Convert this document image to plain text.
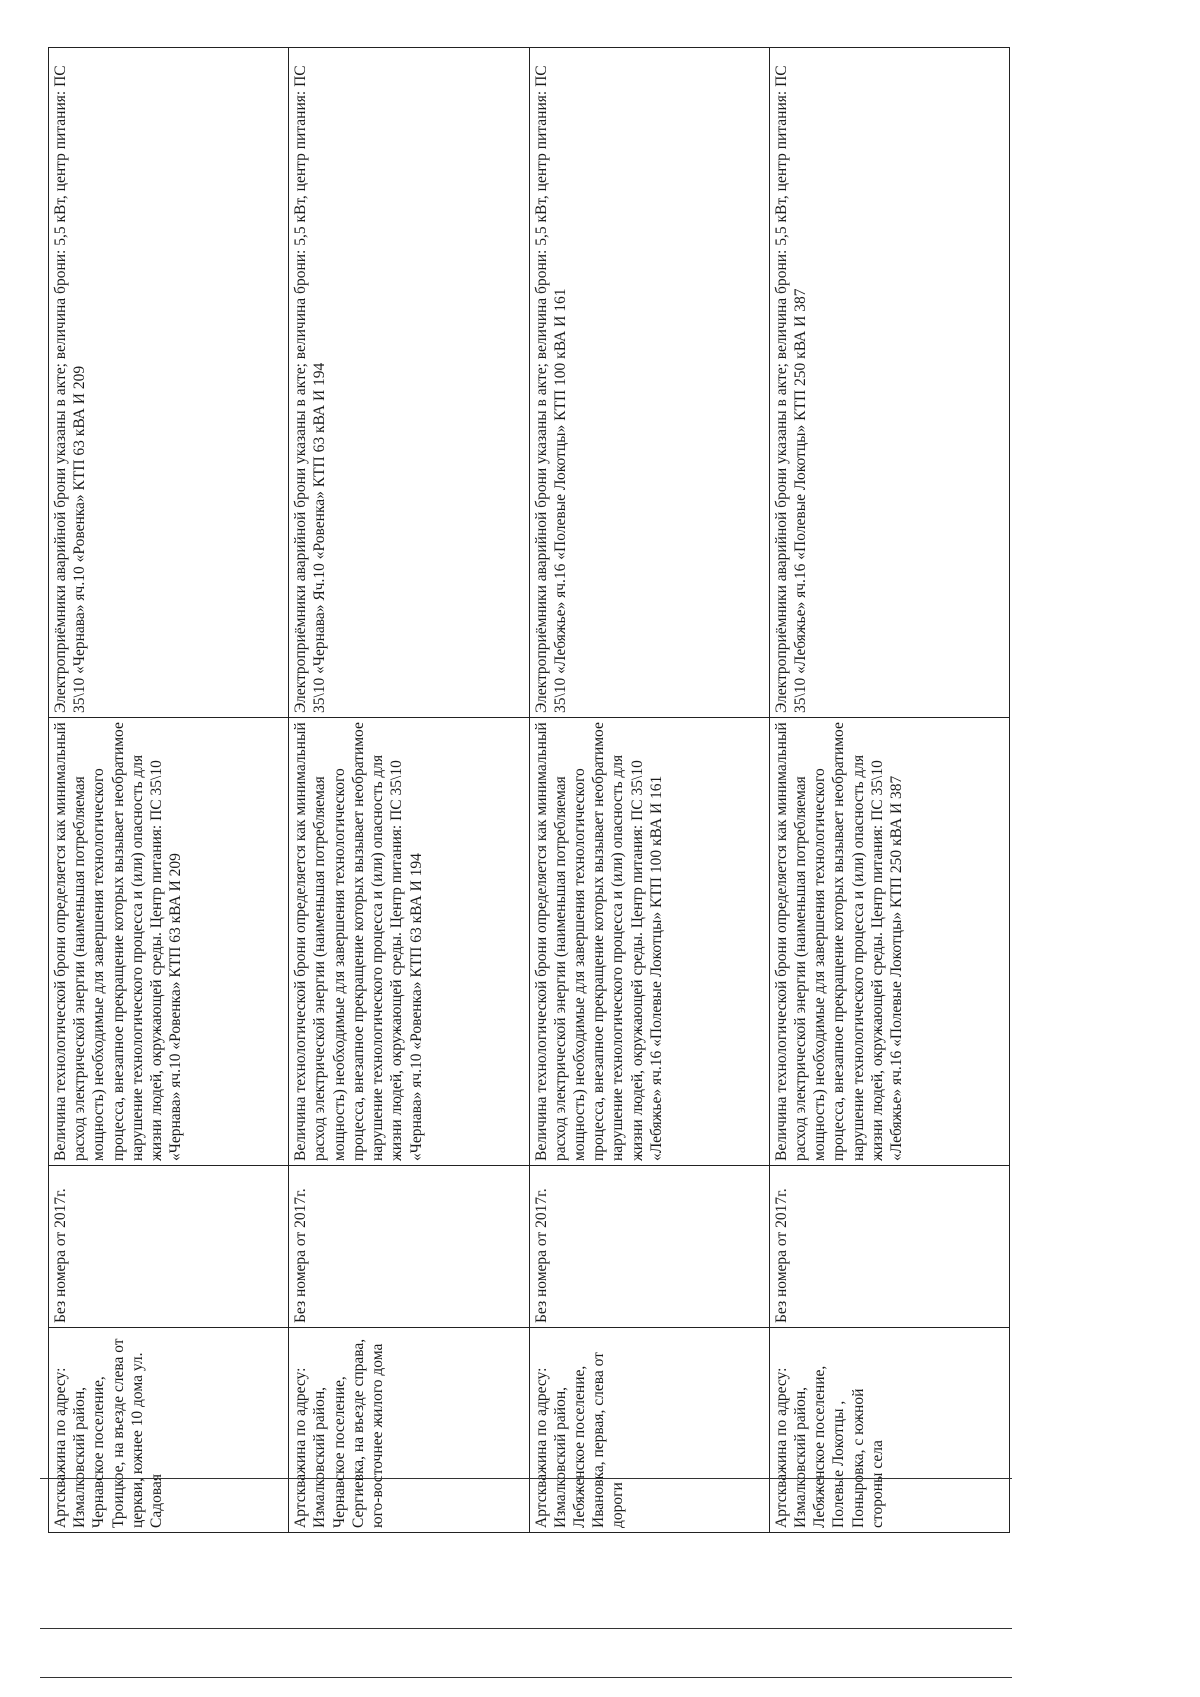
Артскважина по адресу: Измалковский район, Чернавское поселение, Троицкое, на въезде слева от церкви, южнее 10 дома ул. Садовая	Без номера от 2017г.	Величина технологической брони определяется как минимальный расход электрической энергии (наименьшая потребляемая мощность) необходимые для завершения технологического процесса, внезапное прекращение которых вызывает необратимое нарушение технологического процесса и (или) опасность для жизни людей, окружающей среды. Центр питания: ПС 35\10 «Чернава» яч.10 «Ровенка» КТП 63 кВА И 209	Электроприёмники аварийной брони указаны в акте; величина брони: 5,5 кВт, центр питания: ПС 35\10 «Чернава» яч.10 «Ровенка» КТП 63 кВА И 209
Артскважина по адресу: Измалковский район, Чернавское поселение, Сергиевка, на въезде справа, юго-восточнее жилого дома	Без номера от 2017г.	Величина технологической брони определяется как минимальный расход электрической энергии (наименьшая потребляемая мощность) необходимые для завершения технологического процесса, внезапное прекращение которых вызывает необратимое нарушение технологического процесса и (или) опасность для жизни людей, окружающей среды. Центр питания: ПС 35\10 «Чернава» яч.10 «Ровенка» КТП 63 кВА И 194	Электроприёмники аварийной брони указаны в акте; величина брони: 5,5 кВт, центр питания: ПС 35\10 «Чернава» Яч.10 «Ровенка» КТП 63 кВА И 194
Артскважина по адресу: Измалковский район, Лебяженское поселение, Ивановка, первая, слева от дороги	Без номера от 2017г.	Величина технологической брони определяется как минимальный расход электрической энергии (наименьшая потребляемая мощность) необходимые для завершения технологического процесса, внезапное прекращение которых вызывает необратимое нарушение технологического процесса и (или) опасность для жизни людей, окружающей среды. Центр питания: ПС 35\10 «Лебяжье» яч.16 «Полевые Локотцы» КТП 100 кВА И 161	Электроприёмники аварийной брони указаны в акте; величина брони: 5,5 кВт, центр питания: ПС 35\10 «Лебяжье» яч.16 «Полевые Локотцы» КТП 100 кВА И 161
Артскважина по адресу: Измалковский район, Лебяженское поселение, Полевые Локотцы , Поныровка, с южной стороны села	Без номера от 2017г.	Величина технологической брони определяется как минимальный расход электрической энергии (наименьшая потребляемая мощность) необходимые для завершения технологического процесса, внезапное прекращение которых вызывает необратимое нарушение технологического процесса и (или) опасность для жизни людей, окружающей среды. Центр питания: ПС 35\10 «Лебяжье» яч.16 «Полевые Локотцы» КТП 250 кВА И 387	Электроприёмники аварийной брони указаны в акте; величина брони: 5,5 кВт, центр питания: ПС 35\10 «Лебяжье» яч.16 «Полевые Локотцы» КТП 250 кВА И 387
